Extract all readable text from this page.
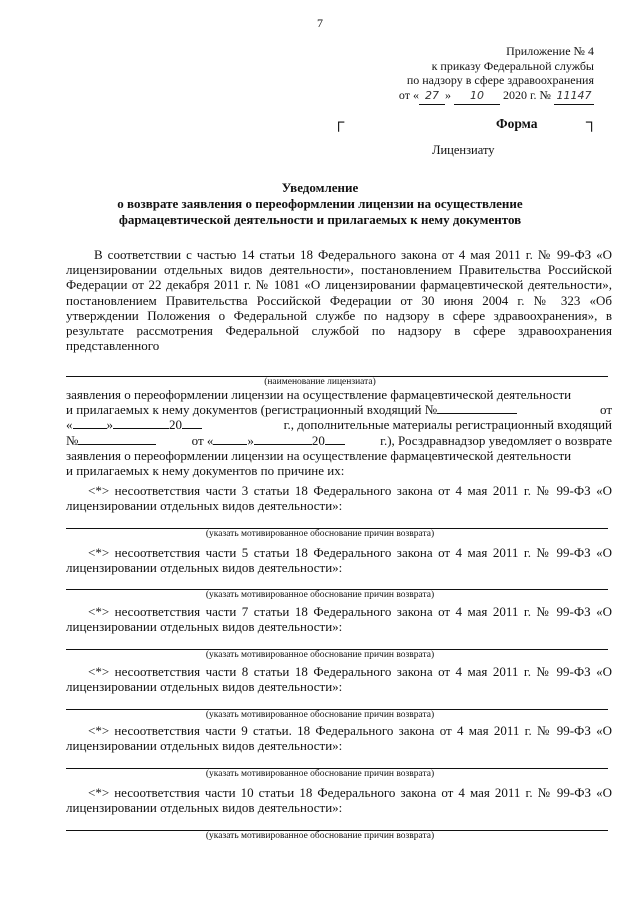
7
Приложение № 4
к приказу Федеральной службы
по надзору в сфере здравоохранения
от « 27 » 10 2020 г. № 11147
┌	Форма	┐
Лицензиату
Уведомление
о возврате заявления о переоформлении лицензии на осуществление
фармацевтической деятельности и прилагаемых к нему документов

В соответствии с частью 14 статьи 18 Федерального закона от 4 мая 2011 г. № 99-ФЗ «О лицензировании отдельных видов деятельности», постановлением Правительства Российской Федерации от 22 декабря 2011 г. № 1081 «О лицензировании фармацевтической деятельности», постановлением Правительства Российской Федерации от 30 июня 2004 г. № 323 «Об утверждении Положения о Федеральной службе по надзору в сфере здравоохранения», в результате рассмотрения Федеральной службой по надзору в сфере здравоохранения представленного

(наименование лицензиата)
заявления о переоформлении лицензии на осуществление фармацевтической деятельности
и прилагаемых к нему документов (регистрационный входящий №	от
«	»	20	г., дополнительные материалы регистрационный входящий
№	от «	»	20	г.), Росздравнадзор уведомляет о возврате
заявления о переоформлении лицензии на осуществление фармацевтической деятельности
и прилагаемых к нему документов по причине их:

<*> несоответствия части 3 статьи 18 Федерального закона от 4 мая 2011 г. № 99-ФЗ «О лицензировании отдельных видов деятельности»:

(указать мотивированное обоснование причин возврата)

<*> несоответствия части 5 статьи 18 Федерального закона от 4 мая 2011 г. № 99-ФЗ «О лицензировании отдельных видов деятельности»:

(указать мотивированное обоснование причин возврата)

<*> несоответствия части 7 статьи 18 Федерального закона от 4 мая 2011 г. № 99-ФЗ «О лицензировании отдельных видов деятельности»:

(указать мотивированное обоснование причин возврата)

<*> несоответствия части 8 статьи 18 Федерального закона от 4 мая 2011 г. № 99-ФЗ «О лицензировании отдельных видов деятельности»:

(указать мотивированное обоснование причин возврата)

<*> несоответствия части 9 статьи. 18 Федерального закона от 4 мая 2011 г. № 99-ФЗ «О лицензировании отдельных видов деятельности»:

(указать мотивированное обоснование причин возврата)

<*> несоответствия части 10 статьи 18 Федерального закона от 4 мая 2011 г. № 99-ФЗ «О лицензировании отдельных видов деятельности»:

(указать мотивированное обоснование причин возврата)
